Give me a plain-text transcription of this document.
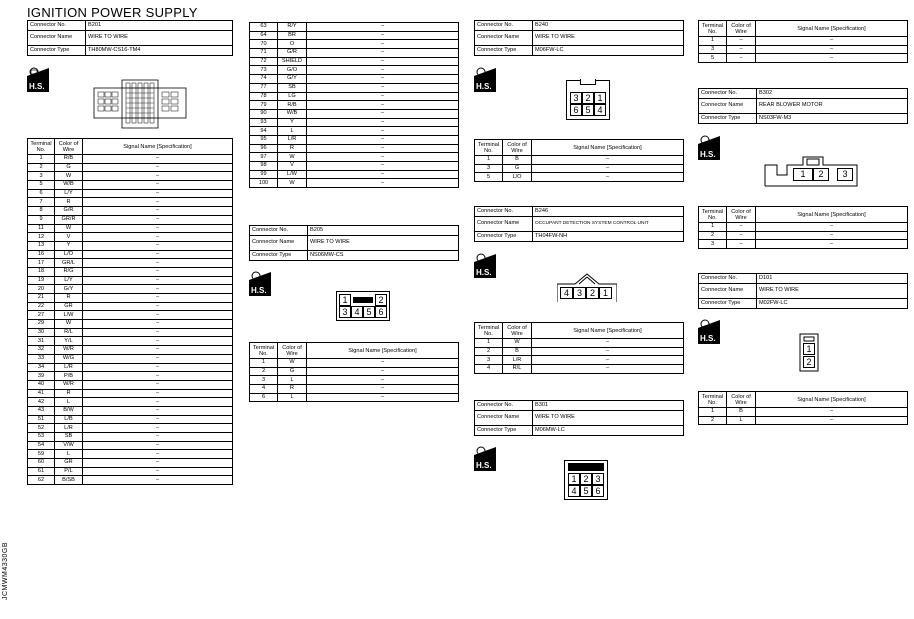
IGNITION POWER SUPPLY
JCMWM4330GB
Connector No.	B201
Connector Name	WIRE TO WIRE
Connector Type	TH80MW-CS16-TM4
H.S.
Terminal No.	Color of Wire	Signal Name [Specification]
1	R/B	–
2	G	–
3	W	–
5	W/B	–
6	L/Y	–
7	R	–
8	G/R	–
9	GR/R	–
11	W	–
12	V	–
13	Y	–
16	L/O	–
17	GR/L	–
18	R/G	–
19	L/Y	–
20	G/Y	–
21	R	–
22	GR	–
27	L/W	–
29	W	–
30	R/L	–
31	Y/L	–
32	W/R	–
33	W/G	–
34	L/R	–
39	P/B	–
40	W/R	–
41	R	–
42	L	–
43	B/W	–
51	L/B	–
52	L/R	–
53	SB	–
54	V/W	–
59	L	–
60	GR	–
61	P/L	–
62	B/SB	–
63	R/Y	–
64	BR	–
70	O	–
71	G/R	–
72	SHIELD	–
73	G/O	–
74	G/Y	–
77	SB	–
78	LG	–
79	R/B	–
90	W/B	–
93	Y	–
94	L	–
95	L/R	–
96	R	–
97	W	–
98	V	–
99	L/W	–
100	W	–
Connector No.	B205
Connector Name	WIRE TO WIRE
Connector Type	NS06MW-CS
H.S.
1	2
3 4 5 6
Terminal No.	Color of Wire	Signal Name [Specification]
1	W	–
2	G	–
3	L	–
4	R	–
6	L	–
Connector No.	B240
Connector Name	WIRE TO WIRE
Connector Type	M06FW-LC
H.S.
3 2 1
6 5 4
Terminal No.	Color of Wire	Signal Name [Specification]
1	B	–
3	G	–
5	L/O	–
Connector No.	B246
Connector Name	OCCUPANT DETECTION SYSTEM CONTROL UNIT
Connector Type	TH04FW-NH
H.S.
4 3 2 1
Terminal No.	Color of Wire	Signal Name [Specification]
1	W	–
2	B	–
3	L/R	–
4	R/L	–
Connector No.	B301
Connector Name	WIRE TO WIRE
Connector Type	M06MW-LC
H.S.
1 2 3
4 5 6
Terminal No.	Color of Wire	Signal Name [Specification]
1	–	–
3	–	–
5	–	–
Connector No.	B302
Connector Name	REAR BLOWER MOTOR
Connector Type	NS03FW-M3
H.S.
1	2	3
Terminal No.	Color of Wire	Signal Name [Specification]
1	–	–
2	–	–
3	–	–
Connector No.	D101
Connector Name	WIRE TO WIRE
Connector Type	M02FW-LC
H.S.
1
2
Terminal No.	Color of Wire	Signal Name [Specification]
1	B	–
2	L	–
